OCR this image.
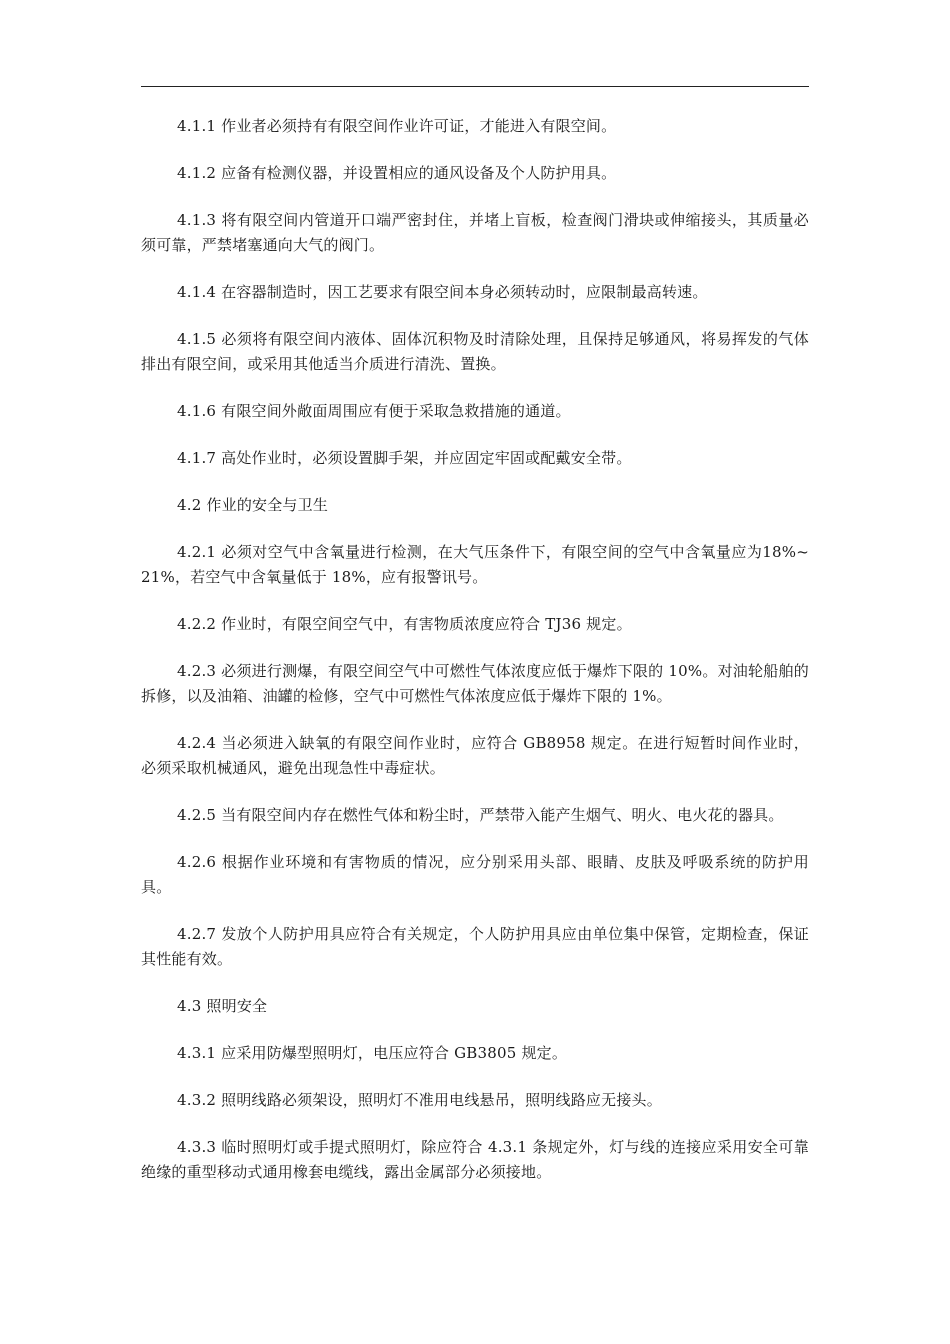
4.1.1 作业者必须持有有限空间作业许可证，才能进入有限空间。

4.1.2 应备有检测仪器，并设置相应的通风设备及个人防护用具。

4.1.3 将有限空间内管道开口端严密封住，并堵上盲板，检查阀门滑块或伸缩接头，其质量必须可靠，严禁堵塞通向大气的阀门。

4.1.4 在容器制造时，因工艺要求有限空间本身必须转动时，应限制最高转速。

4.1.5 必须将有限空间内液体、固体沉积物及时清除处理，且保持足够通风，将易挥发的气体排出有限空间，或采用其他适当介质进行清洗、置换。

4.1.6 有限空间外敞面周围应有便于采取急救措施的通道。

4.1.7 高处作业时，必须设置脚手架，并应固定牢固或配戴安全带。

4.2 作业的安全与卫生

4.2.1 必须对空气中含氧量进行检测，在大气压条件下，有限空间的空气中含氧量应为18%~21%，若空气中含氧量低于 18%，应有报警讯号。

4.2.2 作业时，有限空间空气中，有害物质浓度应符合 TJ36 规定。

4.2.3 必须进行测爆，有限空间空气中可燃性气体浓度应低于爆炸下限的 10%。对油轮船舶的拆修，以及油箱、油罐的检修，空气中可燃性气体浓度应低于爆炸下限的 1%。

4.2.4 当必须进入缺氧的有限空间作业时，应符合 GB8958 规定。在进行短暂时间作业时，必须采取机械通风，避免出现急性中毒症状。

4.2.5 当有限空间内存在燃性气体和粉尘时，严禁带入能产生烟气、明火、电火花的器具。

4.2.6 根据作业环境和有害物质的情况，应分别采用头部、眼睛、皮肤及呼吸系统的防护用具。

4.2.7 发放个人防护用具应符合有关规定，个人防护用具应由单位集中保管，定期检查，保证其性能有效。

4.3 照明安全

4.3.1 应采用防爆型照明灯，电压应符合 GB3805 规定。

4.3.2 照明线路必须架设，照明灯不准用电线悬吊，照明线路应无接头。

4.3.3 临时照明灯或手提式照明灯，除应符合 4.3.1 条规定外，灯与线的连接应采用安全可靠绝缘的重型移动式通用橡套电缆线，露出金属部分必须接地。
